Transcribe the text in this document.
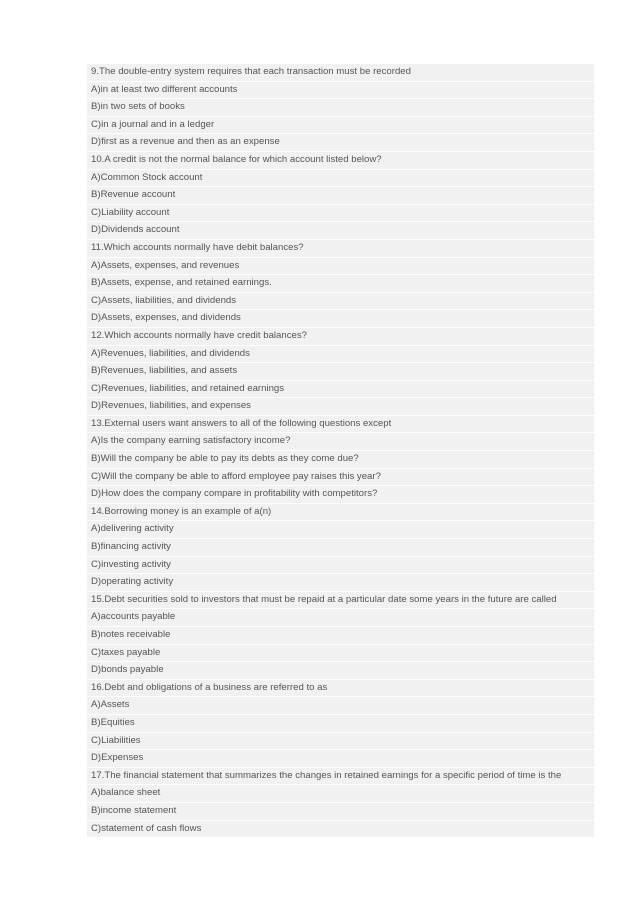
9.The double-entry system requires that each transaction must be recorded
A)in at least two different accounts
B)in two sets of books
C)in a journal and in a ledger
D)first as a revenue and then as an expense
10.A credit is not the normal balance for which account listed below?
A)Common Stock account
B)Revenue account
C)Liability account
D)Dividends account
11.Which accounts normally have debit balances?
A)Assets, expenses, and revenues
B)Assets, expense, and retained earnings.
C)Assets, liabilities, and dividends
D)Assets, expenses, and dividends
12.Which accounts normally have credit balances?
A)Revenues, liabilities, and dividends
B)Revenues, liabilities, and assets
C)Revenues, liabilities, and retained earnings
D)Revenues, liabilities, and expenses
13.External users want answers to all of the following questions except
A)Is the company earning satisfactory income?
B)Will the company be able to pay its debts as they come due?
C)Will the company be able to afford employee pay raises this year?
D)How does the company compare in profitability with competitors?
14.Borrowing money is an example of a(n)
A)delivering activity
B)financing activity
C)investing activity
D)operating activity
15.Debt securities sold to investors that must be repaid at a particular date some years in the future are called
A)accounts payable
B)notes receivable
C)taxes payable
D)bonds payable
16.Debt and obligations of a business are referred to as
A)Assets
B)Equities
C)Liabilities
D)Expenses
17.The financial statement that summarizes the changes in retained earnings for a specific period of time is the
A)balance sheet
B)income statement
C)statement of cash flows
